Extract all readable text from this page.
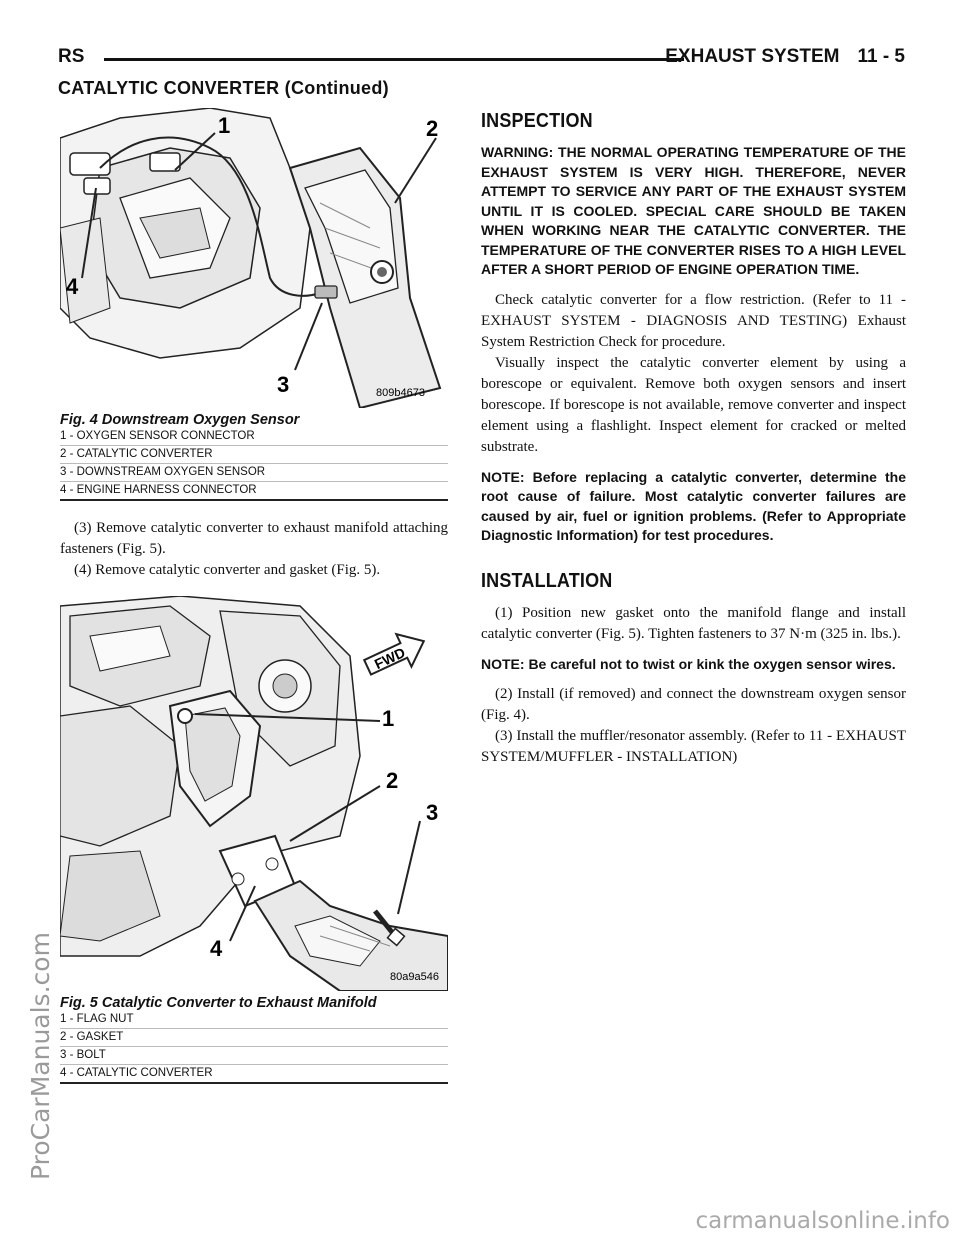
RS	EXHAUST SYSTEM 11 - 5
CATALYTIC CONVERTER (Continued)
1	2
3
4
809b4673
Fig. 4 Downstream Oxygen Sensor
1 - OXYGEN SENSOR CONNECTOR
2 - CATALYTIC CONVERTER
3 - DOWNSTREAM OXYGEN SENSOR
4 - ENGINE HARNESS CONNECTOR

(3) Remove catalytic converter to exhaust manifold attaching fasteners (Fig. 5).

(4) Remove catalytic converter and gasket (Fig. 5).

FWD
1
2
3
4
80a9a546
Fig. 5 Catalytic Converter to Exhaust Manifold
1 - FLAG NUT
2 - GASKET
3 - BOLT
4 - CATALYTIC CONVERTER
INSPECTION

WARNING: THE NORMAL OPERATING TEMPERATURE OF THE EXHAUST SYSTEM IS VERY HIGH. THEREFORE, NEVER ATTEMPT TO SERVICE ANY PART OF THE EXHAUST SYSTEM UNTIL IT IS COOLED. SPECIAL CARE SHOULD BE TAKEN WHEN WORKING NEAR THE CATALYTIC CONVERTER. THE TEMPERATURE OF THE CONVERTER RISES TO A HIGH LEVEL AFTER A SHORT PERIOD OF ENGINE OPERATION TIME.

Check catalytic converter for a flow restriction. (Refer to 11 - EXHAUST SYSTEM - DIAGNOSIS AND TESTING) Exhaust System Restriction Check for procedure.

Visually inspect the catalytic converter element by using a borescope or equivalent. Remove both oxygen sensors and insert borescope. If borescope is not available, remove converter and inspect element using a flashlight. Inspect element for cracked or melted substrate.

NOTE: Before replacing a catalytic converter, determine the root cause of failure. Most catalytic converter failures are caused by air, fuel or ignition problems. (Refer to Appropriate Diagnostic Information) for test procedures.

INSTALLATION

(1) Position new gasket onto the manifold flange and install catalytic converter (Fig. 5). Tighten fasteners to 37 N·m (325 in. lbs.).

NOTE: Be careful not to twist or kink the oxygen sensor wires.

(2) Install (if removed) and connect the downstream oxygen sensor (Fig. 4).

(3) Install the muffler/resonator assembly. (Refer to 11 - EXHAUST SYSTEM/MUFFLER - INSTALLATION)

ProCarManuals.com
carmanualsonline.info
